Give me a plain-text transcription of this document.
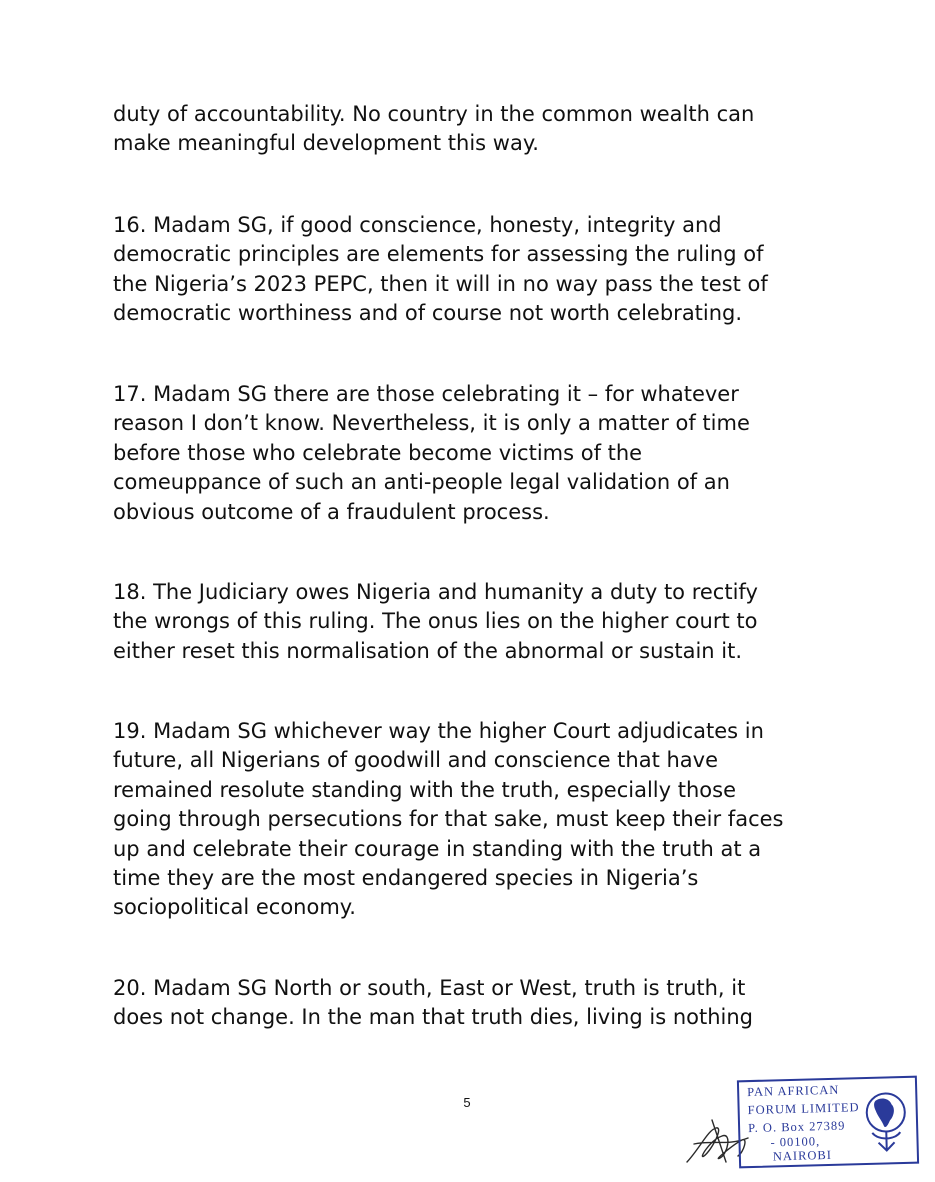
duty of accountability. No country in the common wealth can
make meaningful development this way.

16. Madam SG, if good conscience, honesty, integrity and
democratic principles are elements for assessing the ruling of
the Nigeria’s 2023 PEPC, then it will in no way pass the test of
democratic worthiness and of course not worth celebrating.

17. Madam SG there are those celebrating it – for whatever
reason I don’t know. Nevertheless, it is only a matter of time
before those who celebrate become victims of the
comeuppance of such an anti-people legal validation of an
obvious outcome of a fraudulent process.

18. The Judiciary owes Nigeria and humanity a duty to rectify
the wrongs of this ruling. The onus lies on the higher court to
either reset this normalisation of the abnormal or sustain it.

19. Madam SG whichever way the higher Court adjudicates in
future, all Nigerians of goodwill and conscience that have
remained resolute standing with the truth, especially those
going through persecutions for that sake, must keep their faces
up and celebrate their courage in standing with the truth at a
time they are the most endangered species in Nigeria’s
sociopolitical economy.

20. Madam SG North or south, East or West, truth is truth, it
does not change. In the man that truth dies, living is nothing

5
PAN AFRICAN
FORUM LIMITED
P. O. Box 27389
- 00100,
NAIROBI
